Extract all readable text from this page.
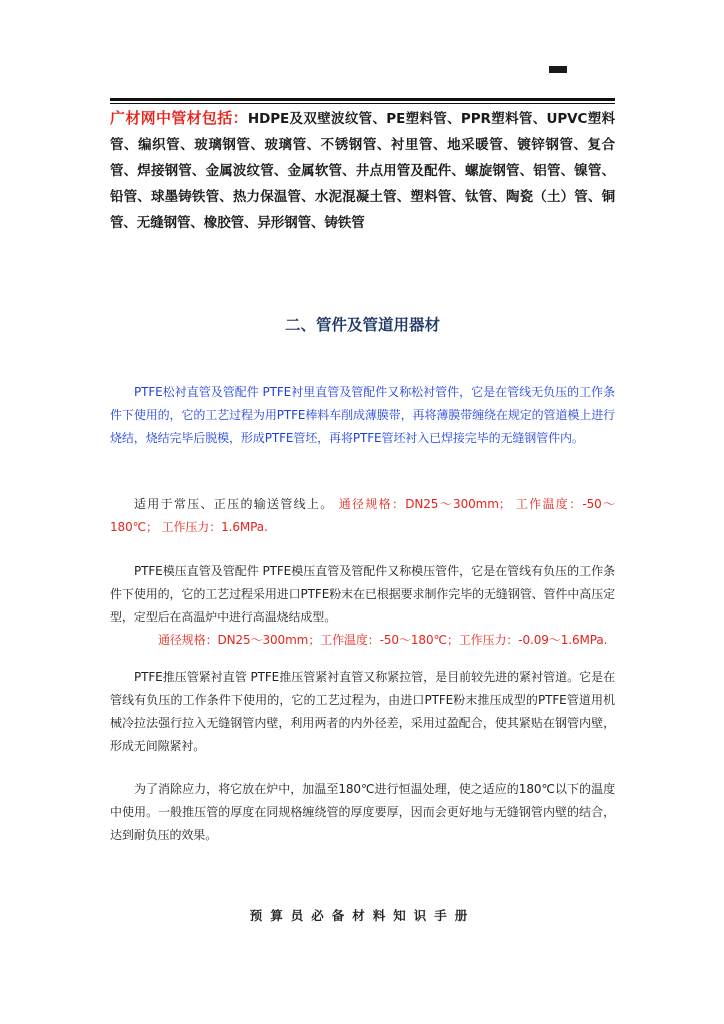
广材网中管材包括：HDPE及双壁波纹管、PE塑料管、PPR塑料管、UPVC塑料管、编织管、玻璃钢管、玻璃管、不锈钢管、衬里管、地采暖管、镀锌钢管、复合管、焊接钢管、金属波纹管、金属软管、井点用管及配件、螺旋钢管、铝管、镍管、铅管、球墨铸铁管、热力保温管、水泥混凝土管、塑料管、钛管、陶瓷（土）管、铜管、无缝钢管、橡胶管、异形钢管、铸铁管
二、管件及管道用器材
PTFE松衬直管及管配件 PTFE衬里直管及管配件又称松衬管件，它是在管线无负压的工作条件下使用的，它的工艺过程为用PTFE棒料车削成薄膜带，再将薄膜带缠绕在规定的管道模上进行烧结，烧结完毕后脱模，形成PTFE管坯，再将PTFE管坯衬入已焊接完毕的无缝钢管件内。
适用于常压、正压的输送管线上。 通径规格：DN25～300mm； 工作温度：-50～180℃； 工作压力：1.6MPa.
PTFE模压直管及管配件 PTFE模压直管及管配件又称模压管件，它是在管线有负压的工作条件下使用的，它的工艺过程采用进口PTFE粉末在已根据要求制作完毕的无缝钢管、管件中高压定型，定型后在高温炉中进行高温烧结成型。
通径规格：DN25～300mm；工作温度：-50～180℃；工作压力：-0.09～1.6MPa.
PTFE推压管紧衬直管 PTFE推压管紧衬直管又称紧拉管，是目前较先进的紧衬管道。它是在管线有负压的工作条件下使用的，它的工艺过程为，由进口PTFE粉末推压成型的PTFE管道用机械冷拉法强行拉入无缝钢管内壁，利用两者的内外径差，采用过盈配合，使其紧贴在钢管内壁，形成无间隙紧衬。
为了消除应力，将它放在炉中，加温至180℃进行恒温处理，使之适应的180℃以下的温度中使用。一般推压管的厚度在同规格缠绕管的厚度要厚，因而会更好地与无缝钢管内壁的结合，达到耐负压的效果。
预算员必备材料知识手册
